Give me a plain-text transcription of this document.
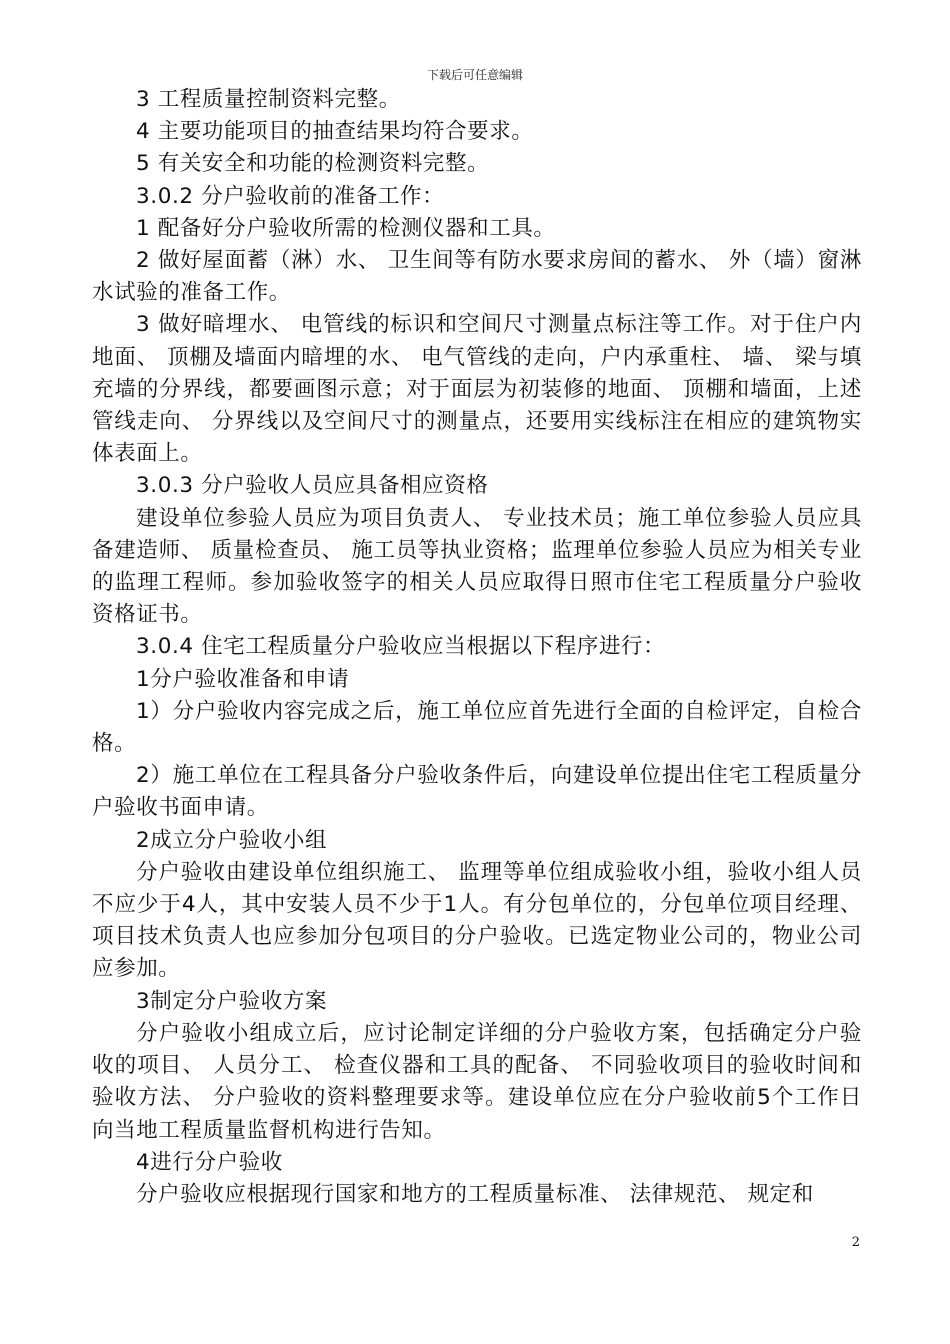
下载后可任意编辑

3 工程质量控制资料完整。

4 主要功能项目的抽查结果均符合要求。

5 有关安全和功能的检测资料完整。

3.0.2 分户验收前的准备工作：

1 配备好分户验收所需的检测仪器和工具。

2 做好屋面蓄（淋）水、 卫生间等有防水要求房间的蓄水、 外（墙）窗淋水试验的准备工作。

3 做好暗埋水、 电管线的标识和空间尺寸测量点标注等工作。对于住户内地面、 顶棚及墙面内暗埋的水、 电气管线的走向，户内承重柱、 墙、 梁与填充墙的分界线，都要画图示意；对于面层为初装修的地面、 顶棚和墙面，上述管线走向、 分界线以及空间尺寸的测量点，还要用实线标注在相应的建筑物实体表面上。

3.0.3 分户验收人员应具备相应资格

建设单位参验人员应为项目负责人、 专业技术员；施工单位参验人员应具备建造师、 质量检查员、 施工员等执业资格；监理单位参验人员应为相关专业的监理工程师。参加验收签字的相关人员应取得日照市住宅工程质量分户验收资格证书。

3.0.4 住宅工程质量分户验收应当根据以下程序进行：

1分户验收准备和申请

1）分户验收内容完成之后，施工单位应首先进行全面的自检评定，自检合格。

2）施工单位在工程具备分户验收条件后，向建设单位提出住宅工程质量分户验收书面申请。

2成立分户验收小组

分户验收由建设单位组织施工、 监理等单位组成验收小组，验收小组人员不应少于4人，其中安装人员不少于1人。有分包单位的，分包单位项目经理、 项目技术负责人也应参加分包项目的分户验收。已选定物业公司的，物业公司应参加。

3制定分户验收方案

分户验收小组成立后，应讨论制定详细的分户验收方案，包括确定分户验收的项目、 人员分工、 检查仪器和工具的配备、 不同验收项目的验收时间和验收方法、 分户验收的资料整理要求等。建设单位应在分户验收前5个工作日向当地工程质量监督机构进行告知。

4进行分户验收

分户验收应根据现行国家和地方的工程质量标准、 法律规范、 规定和

2
